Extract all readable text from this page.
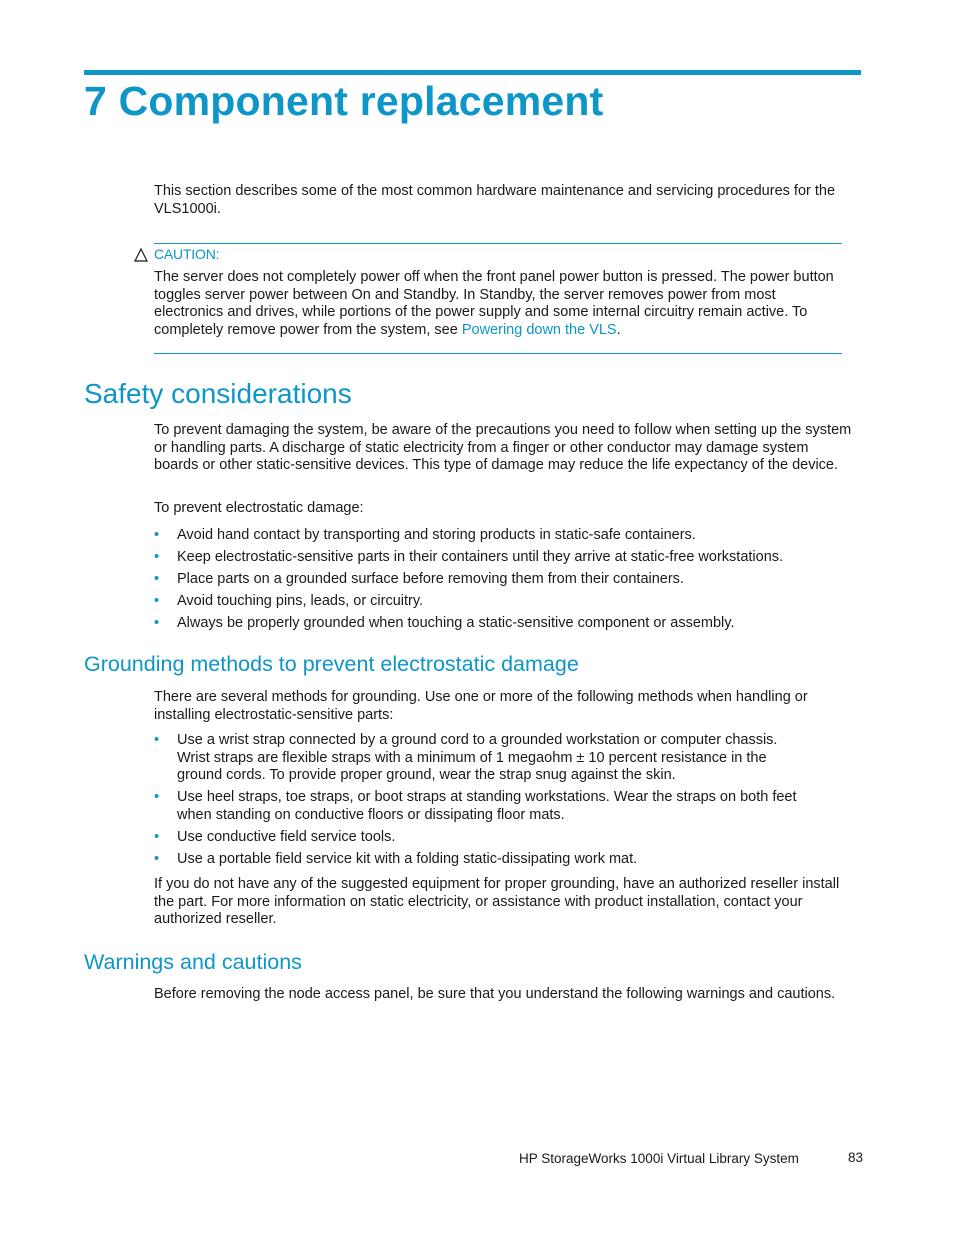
7 Component replacement

This section describes some of the most common hardware maintenance and servicing procedures for the VLS1000i.

CAUTION:

The server does not completely power off when the front panel power button is pressed. The power button toggles server power between On and Standby. In Standby, the server removes power from most electronics and drives, while portions of the power supply and some internal circuitry remain active. To completely remove power from the system, see Powering down the VLS.

Safety considerations

To prevent damaging the system, be aware of the precautions you need to follow when setting up the system or handling parts. A discharge of static electricity from a finger or other conductor may damage system boards or other static-sensitive devices. This type of damage may reduce the life expectancy of the device.

To prevent electrostatic damage:

• Avoid hand contact by transporting and storing products in static-safe containers.
• Keep electrostatic-sensitive parts in their containers until they arrive at static-free workstations.
• Place parts on a grounded surface before removing them from their containers.
• Avoid touching pins, leads, or circuitry.
• Always be properly grounded when touching a static-sensitive component or assembly.
Grounding methods to prevent electrostatic damage

There are several methods for grounding. Use one or more of the following methods when handling or installing electrostatic-sensitive parts:

• Use a wrist strap connected by a ground cord to a grounded workstation or computer chassis. Wrist straps are flexible straps with a minimum of 1 megaohm ± 10 percent resistance in the ground cords. To provide proper ground, wear the strap snug against the skin.
• Use heel straps, toe straps, or boot straps at standing workstations. Wear the straps on both feet when standing on conductive floors or dissipating floor mats.
• Use conductive field service tools.
• Use a portable field service kit with a folding static-dissipating work mat.

If you do not have any of the suggested equipment for proper grounding, have an authorized reseller install the part. For more information on static electricity, or assistance with product installation, contact your authorized reseller.

Warnings and cautions

Before removing the node access panel, be sure that you understand the following warnings and cautions.

HP StorageWorks 1000i Virtual Library System	83
